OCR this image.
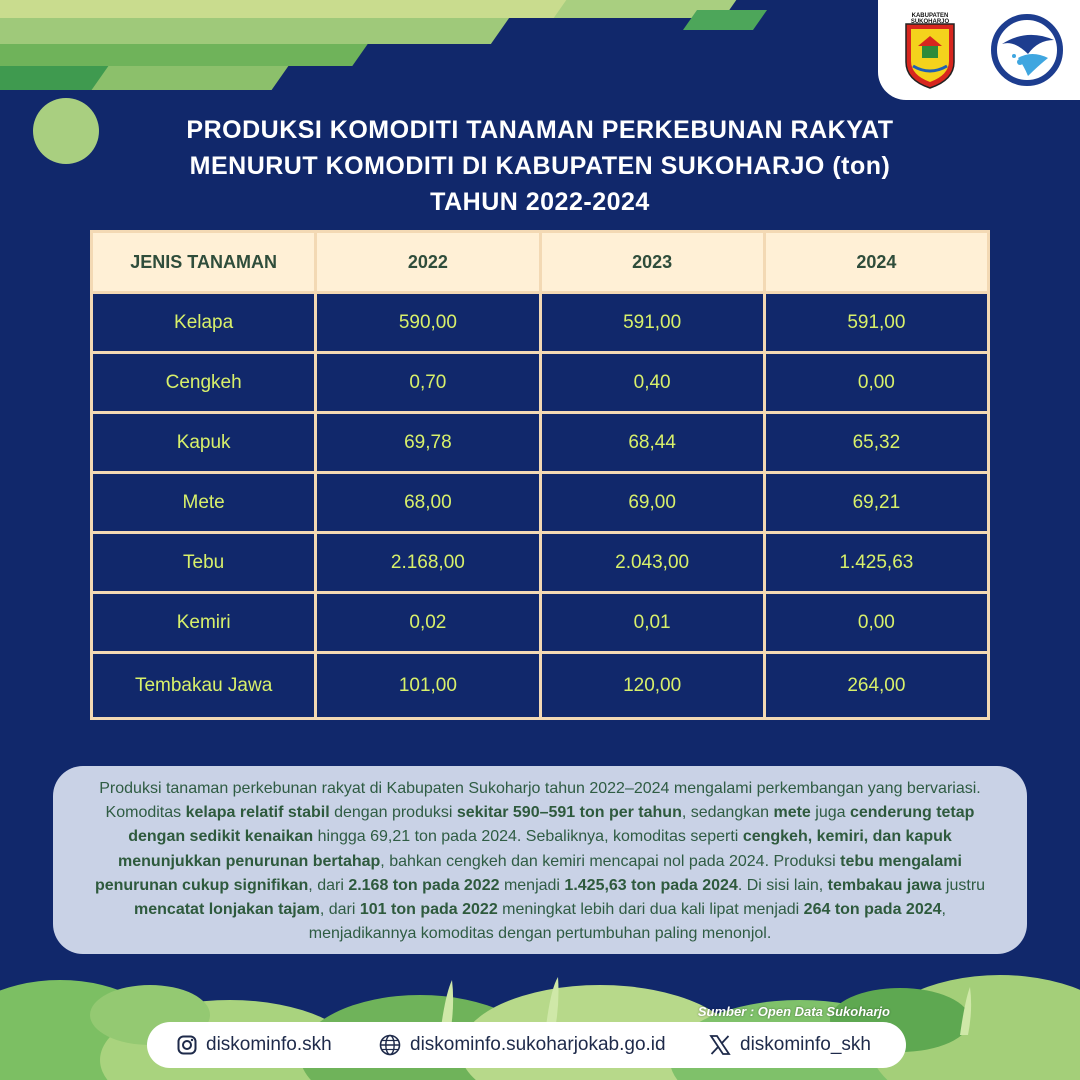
KABUPATEN SUKOHARJO
PRODUKSI KOMODITI TANAMAN PERKEBUNAN RAKYAT
MENURUT KOMODITI DI KABUPATEN SUKOHARJO (ton)
TAHUN 2022-2024
JENIS TANAMAN	2022	2023	2024
Kelapa	590,00	591,00	591,00
Cengkeh	0,70	0,40	0,00
Kapuk	69,78	68,44	65,32
Mete	68,00	69,00	69,21
Tebu	2.168,00	2.043,00	1.425,63
Kemiri	0,02	0,01	0,00
Tembakau Jawa	101,00	120,00	264,00
Produksi tanaman perkebunan rakyat di Kabupaten Sukoharjo tahun 2022–2024 mengalami perkembangan yang bervariasi. Komoditas kelapa relatif stabil dengan produksi sekitar 590–591 ton per tahun, sedangkan mete juga cenderung tetap dengan sedikit kenaikan hingga 69,21 ton pada 2024. Sebaliknya, komoditas seperti cengkeh, kemiri, dan kapuk menunjukkan penurunan bertahap, bahkan cengkeh dan kemiri mencapai nol pada 2024. Produksi tebu mengalami penurunan cukup signifikan, dari 2.168 ton pada 2022 menjadi 1.425,63 ton pada 2024. Di sisi lain, tembakau jawa justru mencatat lonjakan tajam, dari 101 ton pada 2022 meningkat lebih dari dua kali lipat menjadi 264 ton pada 2024, menjadikannya komoditas dengan pertumbuhan paling menonjol.
Sumber : Open Data Sukoharjo
diskominfo.skh	diskominfo.sukoharjokab.go.id	diskominfo_skh
